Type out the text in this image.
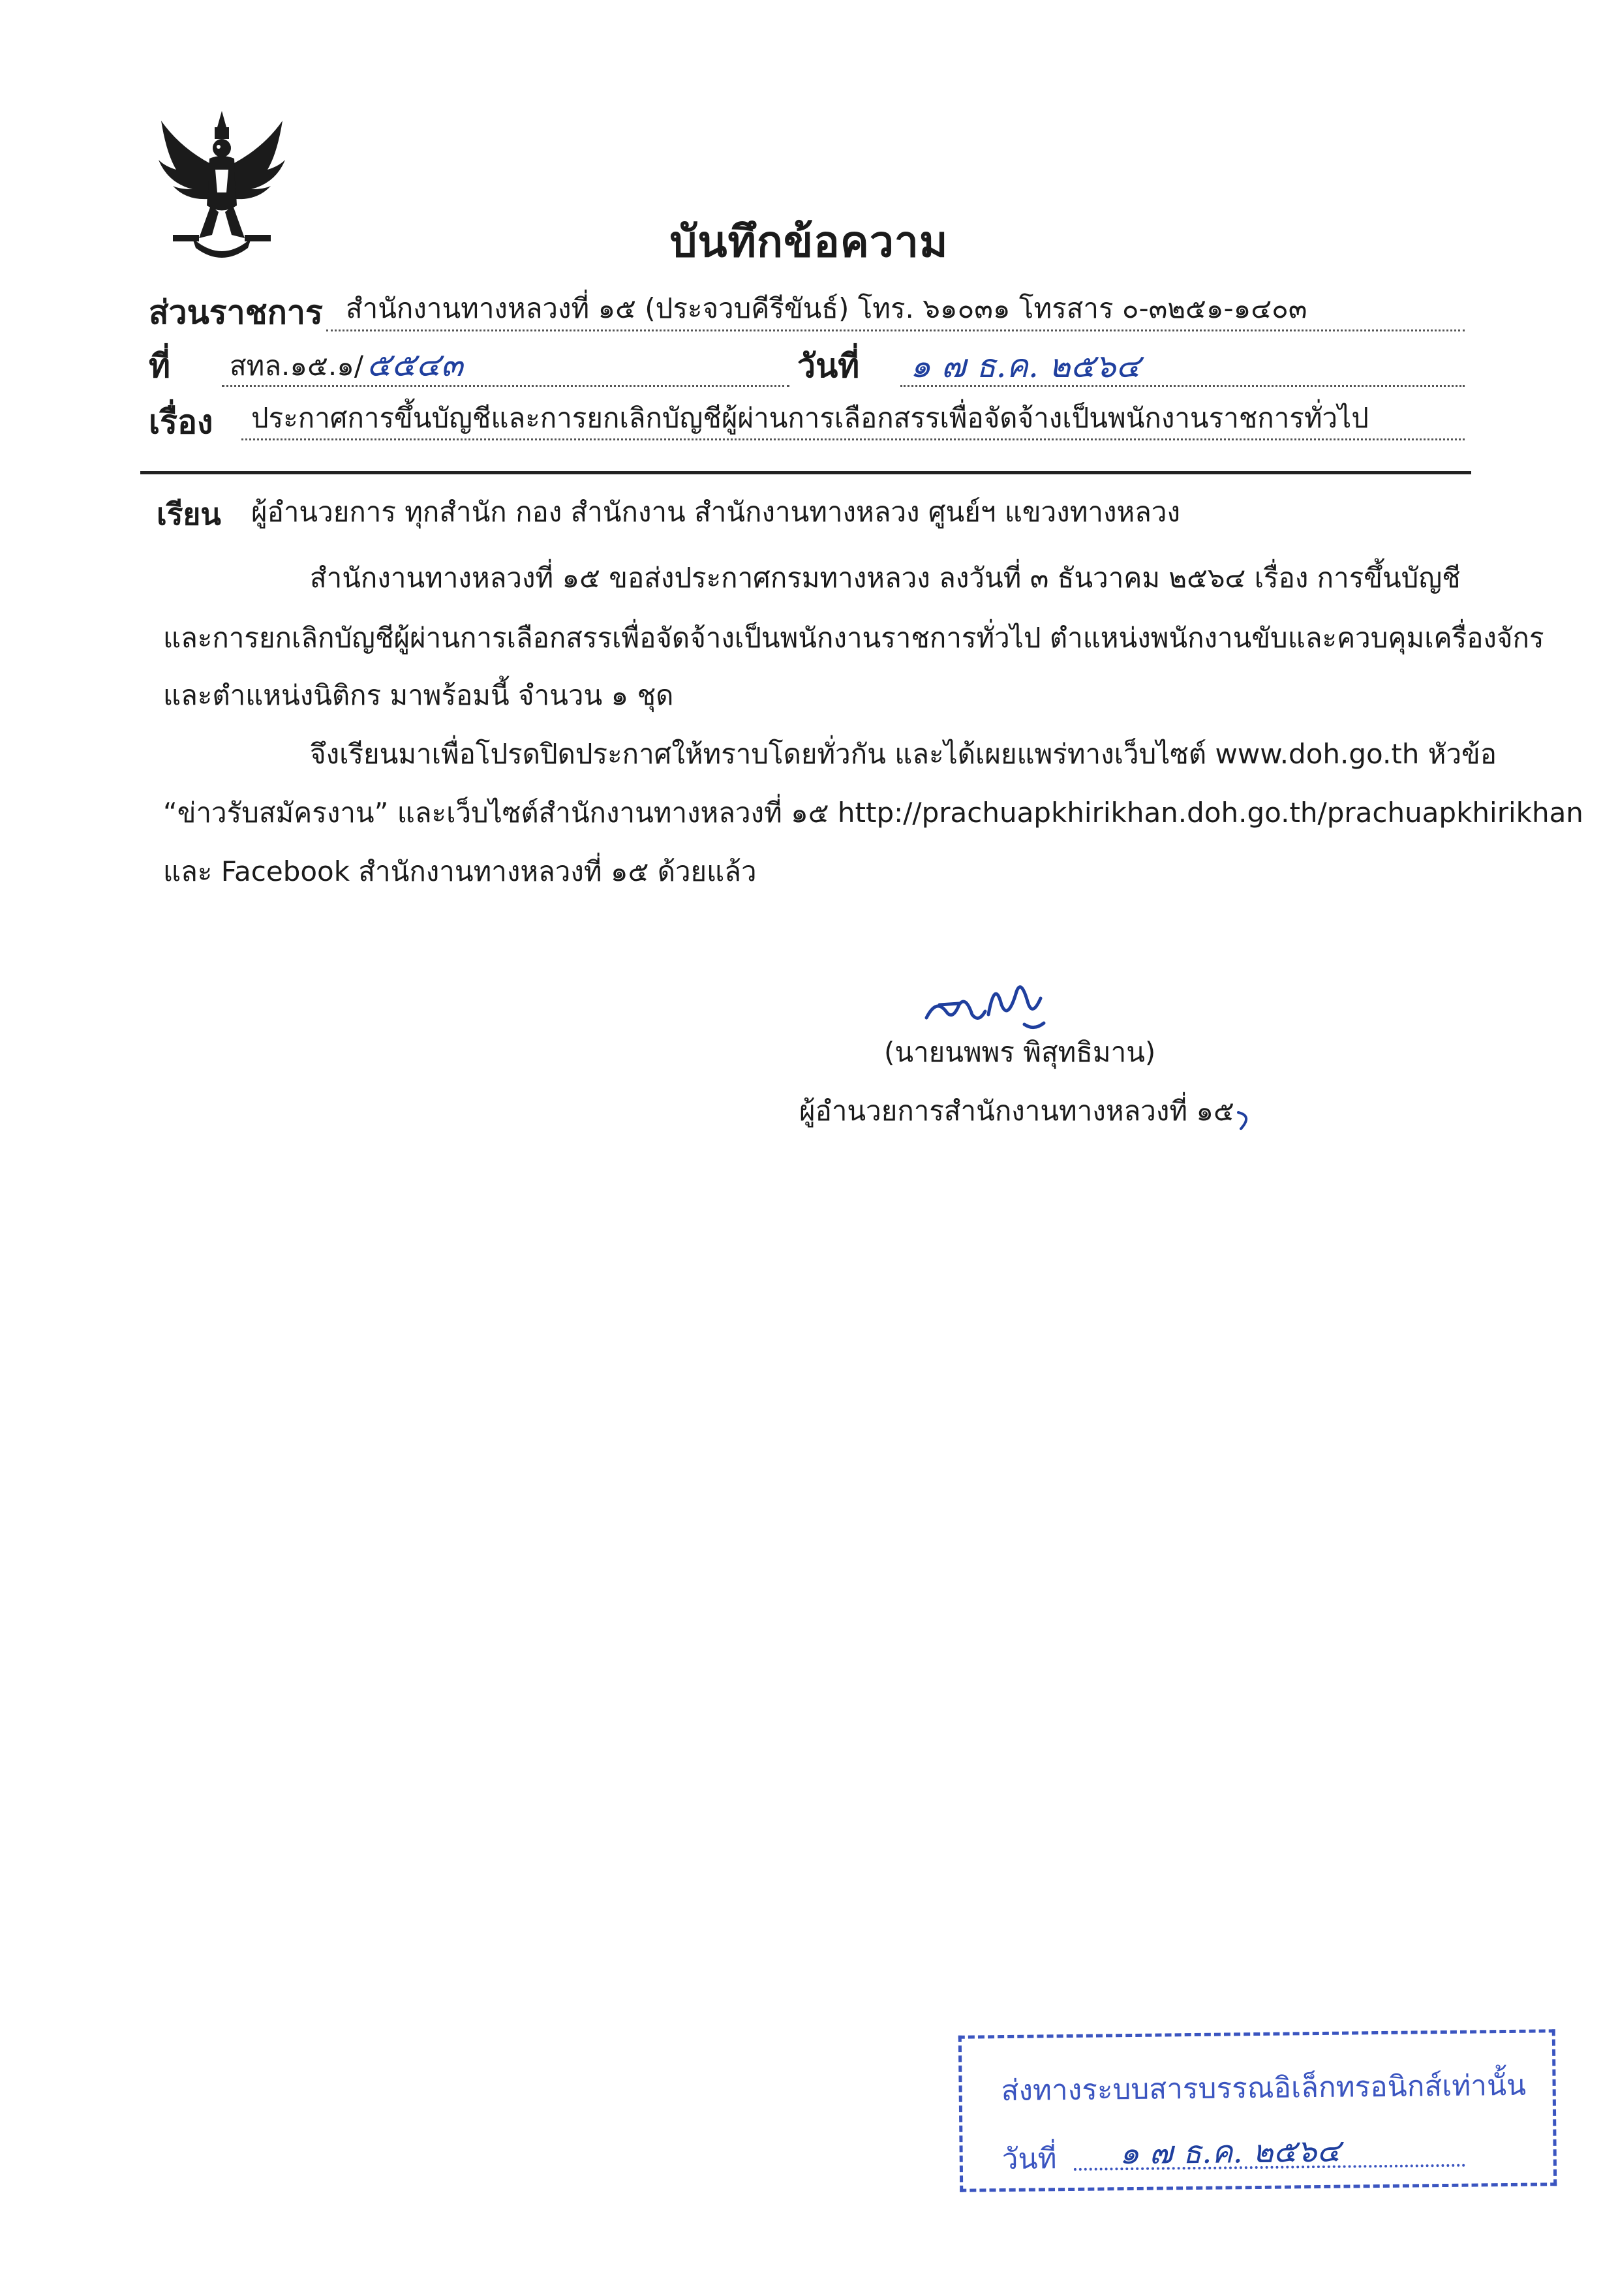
บันทึกข้อความ
ส่วนราชการ สำนักงานทางหลวงที่ ๑๕ (ประจวบคีรีขันธ์) โทร. ๖๑๐๓๑ โทรสาร ๐-๓๒๕๑-๑๔๐๓
ที่ สทล.๑๕.๑/ ๕๕๔๓	วันที่ ๑ ๗ ธ.ค. ๒๕๖๔
เรื่อง ประกาศการขึ้นบัญชีและการยกเลิกบัญชีผู้ผ่านการเลือกสรรเพื่อจัดจ้างเป็นพนักงานราชการทั่วไป
เรียน ผู้อำนวยการ ทุกสำนัก กอง สำนักงาน สำนักงานทางหลวง ศูนย์ฯ แขวงทางหลวง
สำนักงานทางหลวงที่ ๑๕ ขอส่งประกาศกรมทางหลวง ลงวันที่ ๓ ธันวาคม ๒๕๖๔ เรื่อง การขึ้นบัญชี
และการยกเลิกบัญชีผู้ผ่านการเลือกสรรเพื่อจัดจ้างเป็นพนักงานราชการทั่วไป ตำแหน่งพนักงานขับและควบคุมเครื่องจักร
และตำแหน่งนิติกร มาพร้อมนี้ จำนวน ๑ ชุด
จึงเรียนมาเพื่อโปรดปิดประกาศให้ทราบโดยทั่วกัน และได้เผยแพร่ทางเว็บไซต์ www.doh.go.th หัวข้อ
“ข่าวรับสมัครงาน” และเว็บไซต์สำนักงานทางหลวงที่ ๑๕ http://prachuapkhirikhan.doh.go.th/prachuapkhirikhan
และ Facebook สำนักงานทางหลวงที่ ๑๕ ด้วยแล้ว
(นายนพพร พิสุทธิมาน)
ผู้อำนวยการสำนักงานทางหลวงที่ ๑๕
ส่งทางระบบสารบรรณอิเล็กทรอนิกส์เท่านั้น
วันที่ ๑ ๗ ธ.ค. ๒๕๖๔
